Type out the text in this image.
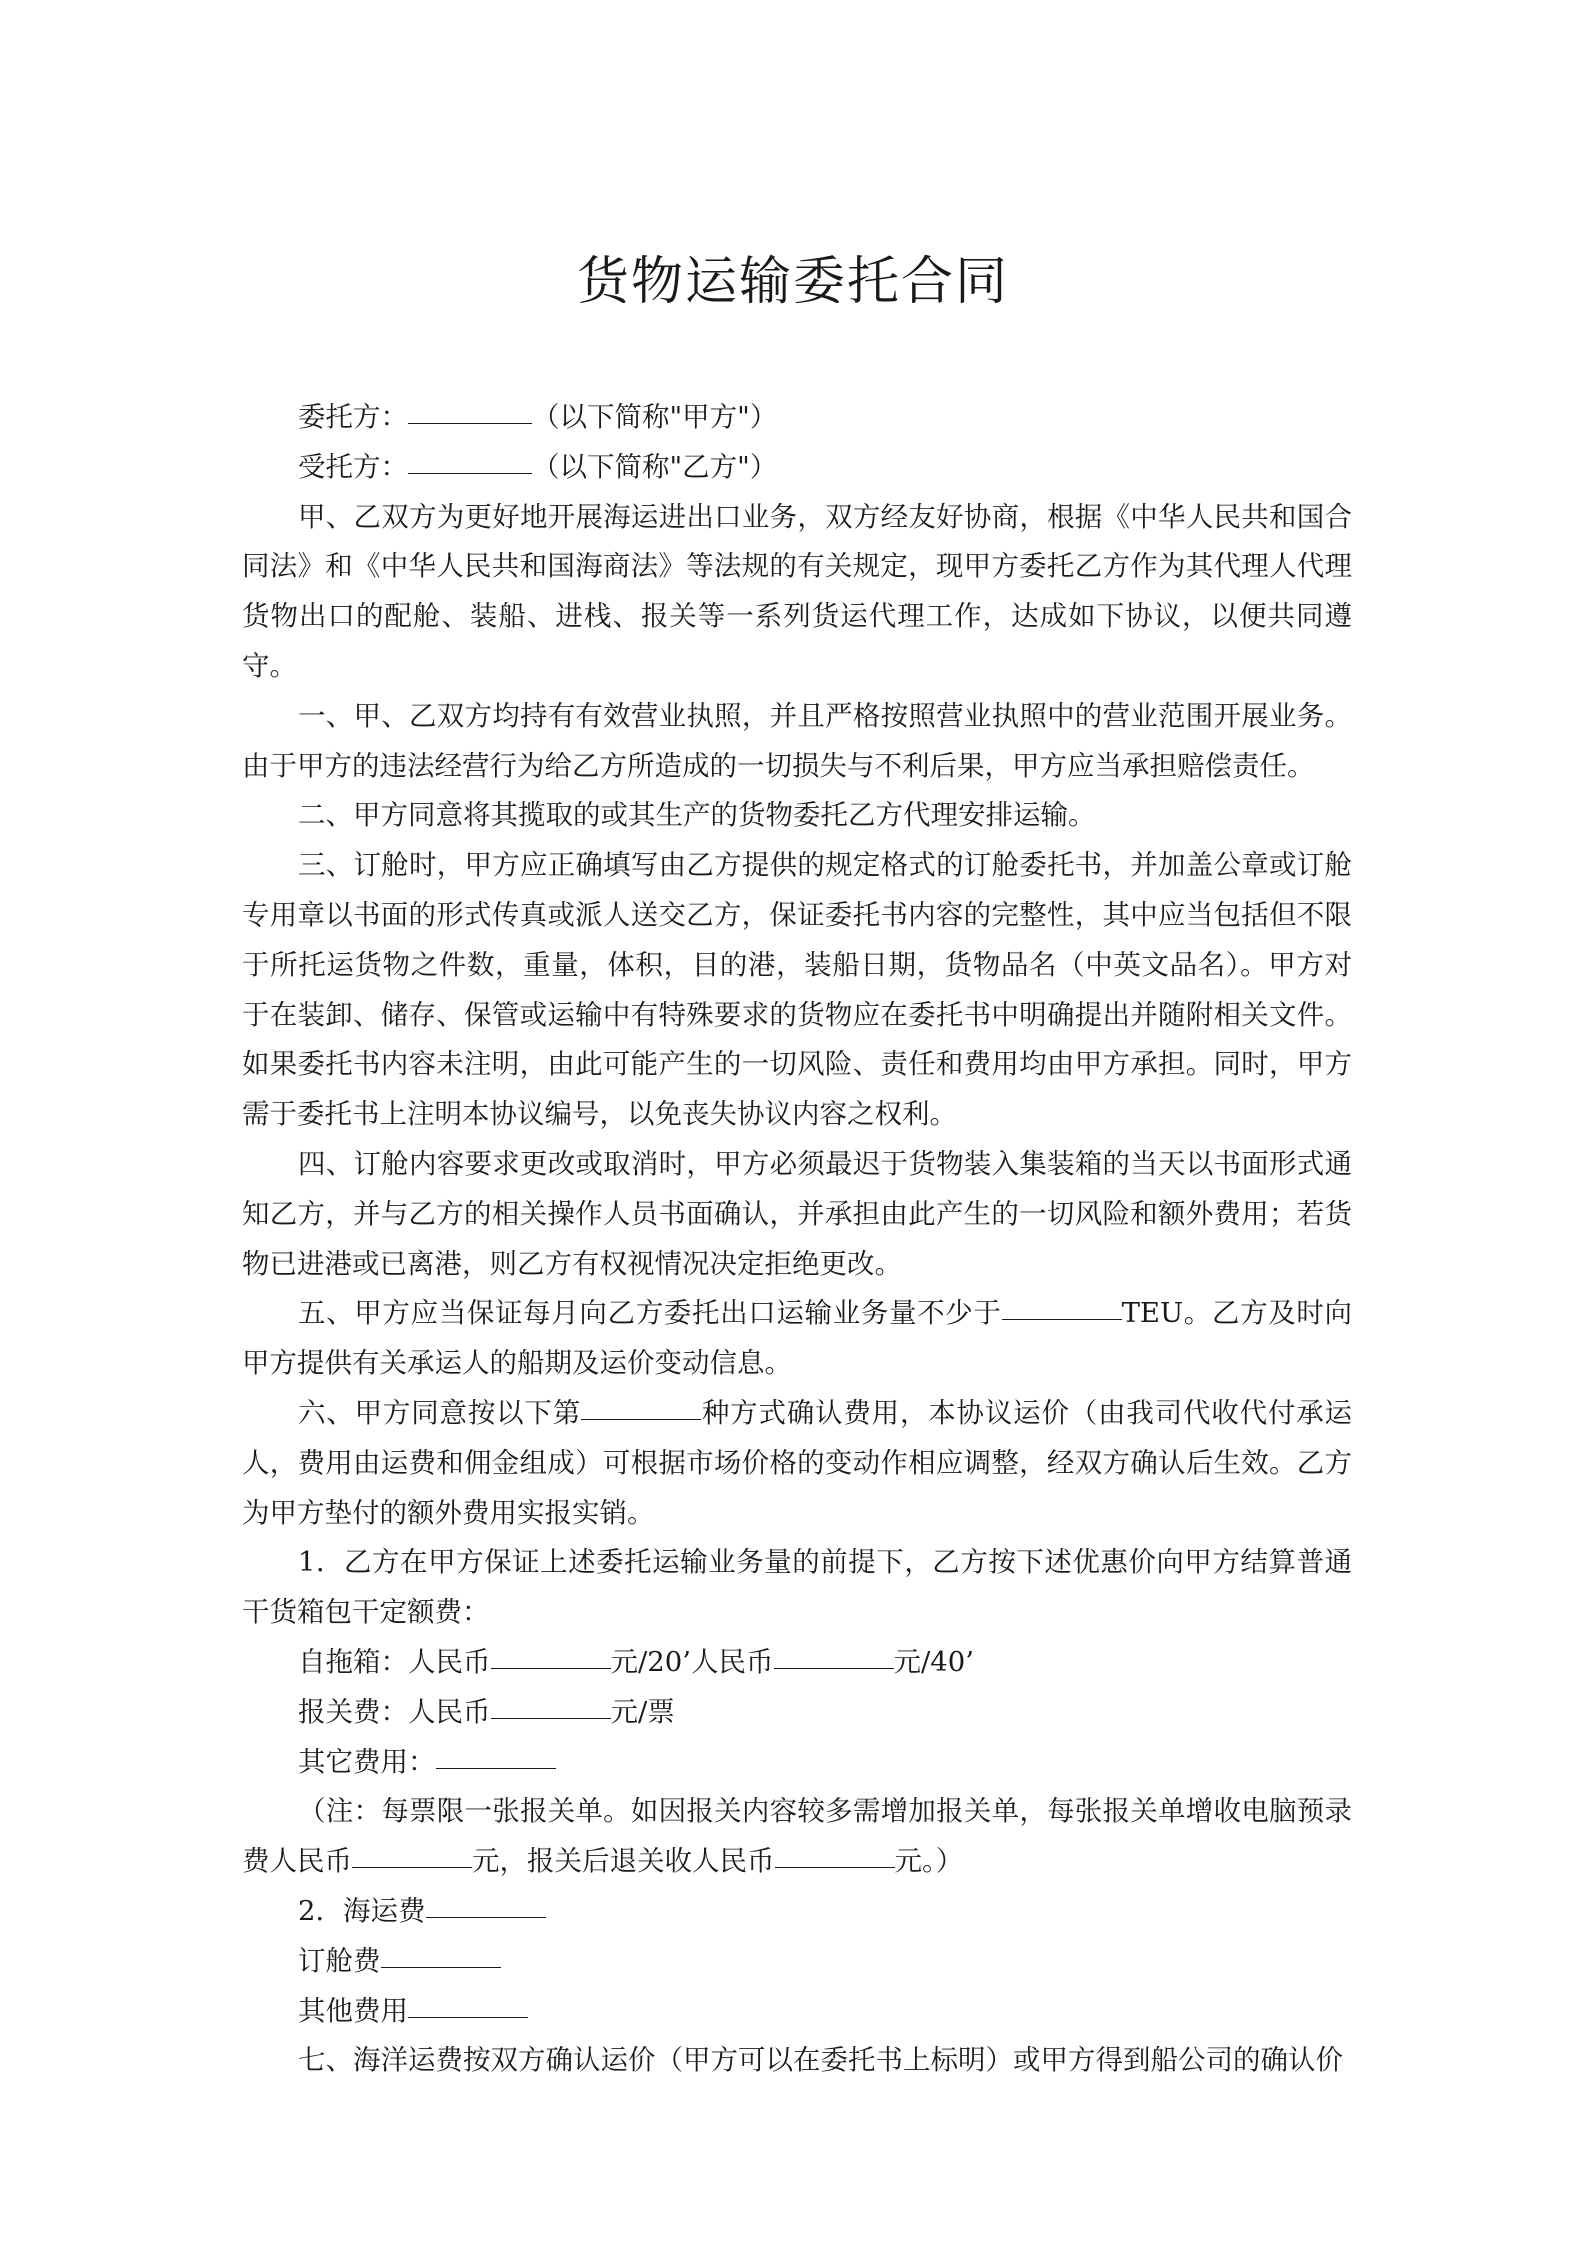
货物运输委托合同

委托方：	（以下简称"甲方"）

受托方：	（以下简称"乙方"）

甲、乙双方为更好地开展海运进出口业务，双方经友好协商，根据《中华人民共和国合同法》和《中华人民共和国海商法》等法规的有关规定，现甲方委托乙方作为其代理人代理货物出口的配舱、装船、进栈、报关等一系列货运代理工作，达成如下协议，以便共同遵守。

一、甲、乙双方均持有有效营业执照，并且严格按照营业执照中的营业范围开展业务。由于甲方的违法经营行为给乙方所造成的一切损失与不利后果，甲方应当承担赔偿责任。

二、甲方同意将其揽取的或其生产的货物委托乙方代理安排运输。

三、订舱时，甲方应正确填写由乙方提供的规定格式的订舱委托书，并加盖公章或订舱专用章以书面的形式传真或派人送交乙方，保证委托书内容的完整性，其中应当包括但不限于所托运货物之件数，重量，体积，目的港，装船日期，货物品名（中英文品名）。甲方对于在装卸、储存、保管或运输中有特殊要求的货物应在委托书中明确提出并随附相关文件。如果委托书内容未注明，由此可能产生的一切风险、责任和费用均由甲方承担。同时，甲方需于委托书上注明本协议编号，以免丧失协议内容之权利。

四、订舱内容要求更改或取消时，甲方必须最迟于货物装入集装箱的当天以书面形式通知乙方，并与乙方的相关操作人员书面确认，并承担由此产生的一切风险和额外费用；若货物已进港或已离港，则乙方有权视情况决定拒绝更改。

五、甲方应当保证每月向乙方委托出口运输业务量不少于	TEU。乙方及时向甲方提供有关承运人的船期及运价变动信息。

六、甲方同意按以下第	种方式确认费用，本协议运价（由我司代收代付承运人，费用由运费和佣金组成）可根据市场价格的变动作相应调整，经双方确认后生效。乙方为甲方垫付的额外费用实报实销。

1．乙方在甲方保证上述委托运输业务量的前提下，乙方按下述优惠价向甲方结算普通干货箱包干定额费：

自拖箱：人民币	元/20’人民币	元/40’

报关费：人民币	元/票

其它费用：

（注：每票限一张报关单。如因报关内容较多需增加报关单，每张报关单增收电脑预录费人民币	元，报关后退关收人民币	元。）

2．海运费

订舱费

其他费用

七、海洋运费按双方确认运价（甲方可以在委托书上标明）或甲方得到船公司的确认价
